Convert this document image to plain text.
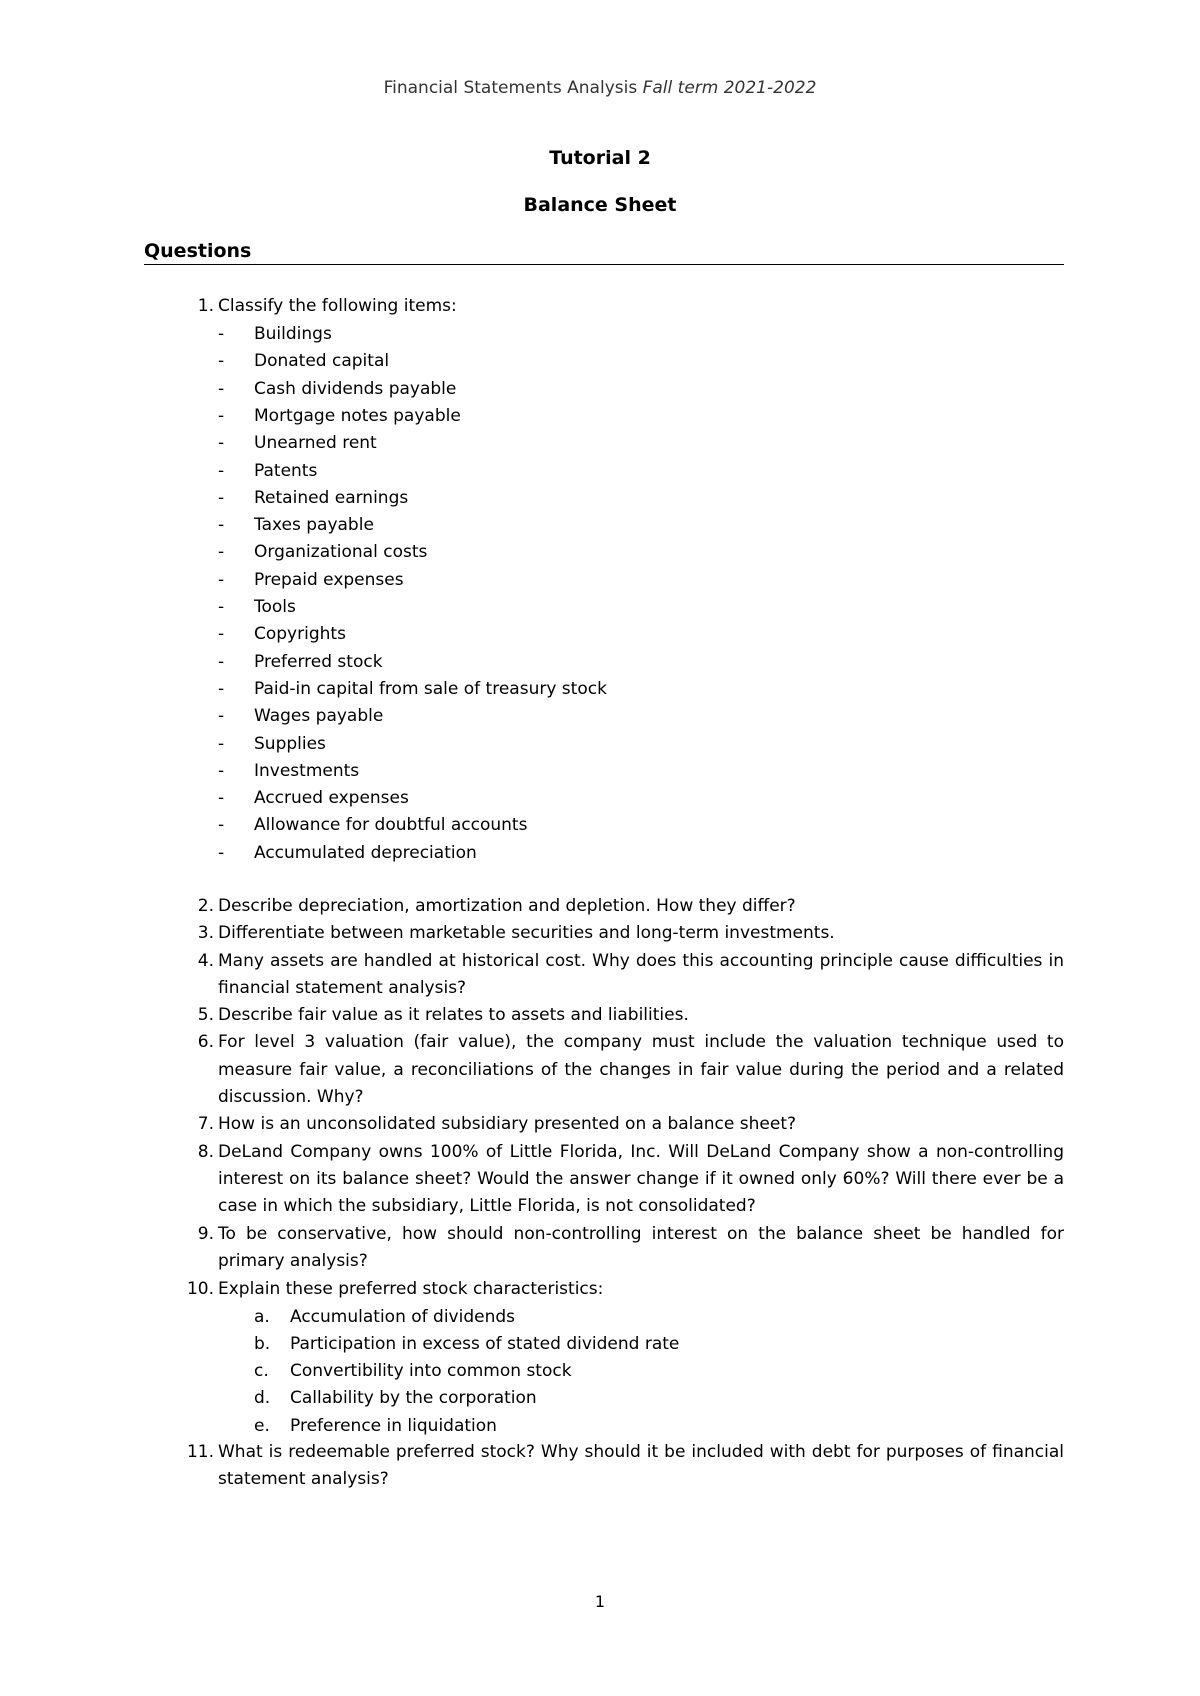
Financial Statements Analysis Fall term 2021-2022
Tutorial 2
Balance Sheet
Questions
1. Classify the following items:
-	Buildings
-	Donated capital
-	Cash dividends payable
-	Mortgage notes payable
-	Unearned rent
-	Patents
-	Retained earnings
-	Taxes payable
-	Organizational costs
-	Prepaid expenses
-	Tools
-	Copyrights
-	Preferred stock
-	Paid-in capital from sale of treasury stock
-	Wages payable
-	Supplies
-	Investments
-	Accrued expenses
-	Allowance for doubtful accounts
-	Accumulated depreciation
2. Describe depreciation, amortization and depletion. How they differ?
3. Differentiate between marketable securities and long-term investments.
4. Many assets are handled at historical cost. Why does this accounting principle cause difficulties in financial statement analysis?
5. Describe fair value as it relates to assets and liabilities.
6. For level 3 valuation (fair value), the company must include the valuation technique used to measure fair value, a reconciliations of the changes in fair value during the period and a related discussion. Why?
7. How is an unconsolidated subsidiary presented on a balance sheet?
8. DeLand Company owns 100% of Little Florida, Inc. Will DeLand Company show a non-controlling interest on its balance sheet? Would the answer change if it owned only 60%? Will there ever be a case in which the subsidiary, Little Florida, is not consolidated?
9. To be conservative, how should non-controlling interest on the balance sheet be handled for primary analysis?
10. Explain these preferred stock characteristics:
a.	Accumulation of dividends
b.	Participation in excess of stated dividend rate
c.	Convertibility into common stock
d.	Callability by the corporation
e.	Preference in liquidation
11. What is redeemable preferred stock? Why should it be included with debt for purposes of financial statement analysis?
1
